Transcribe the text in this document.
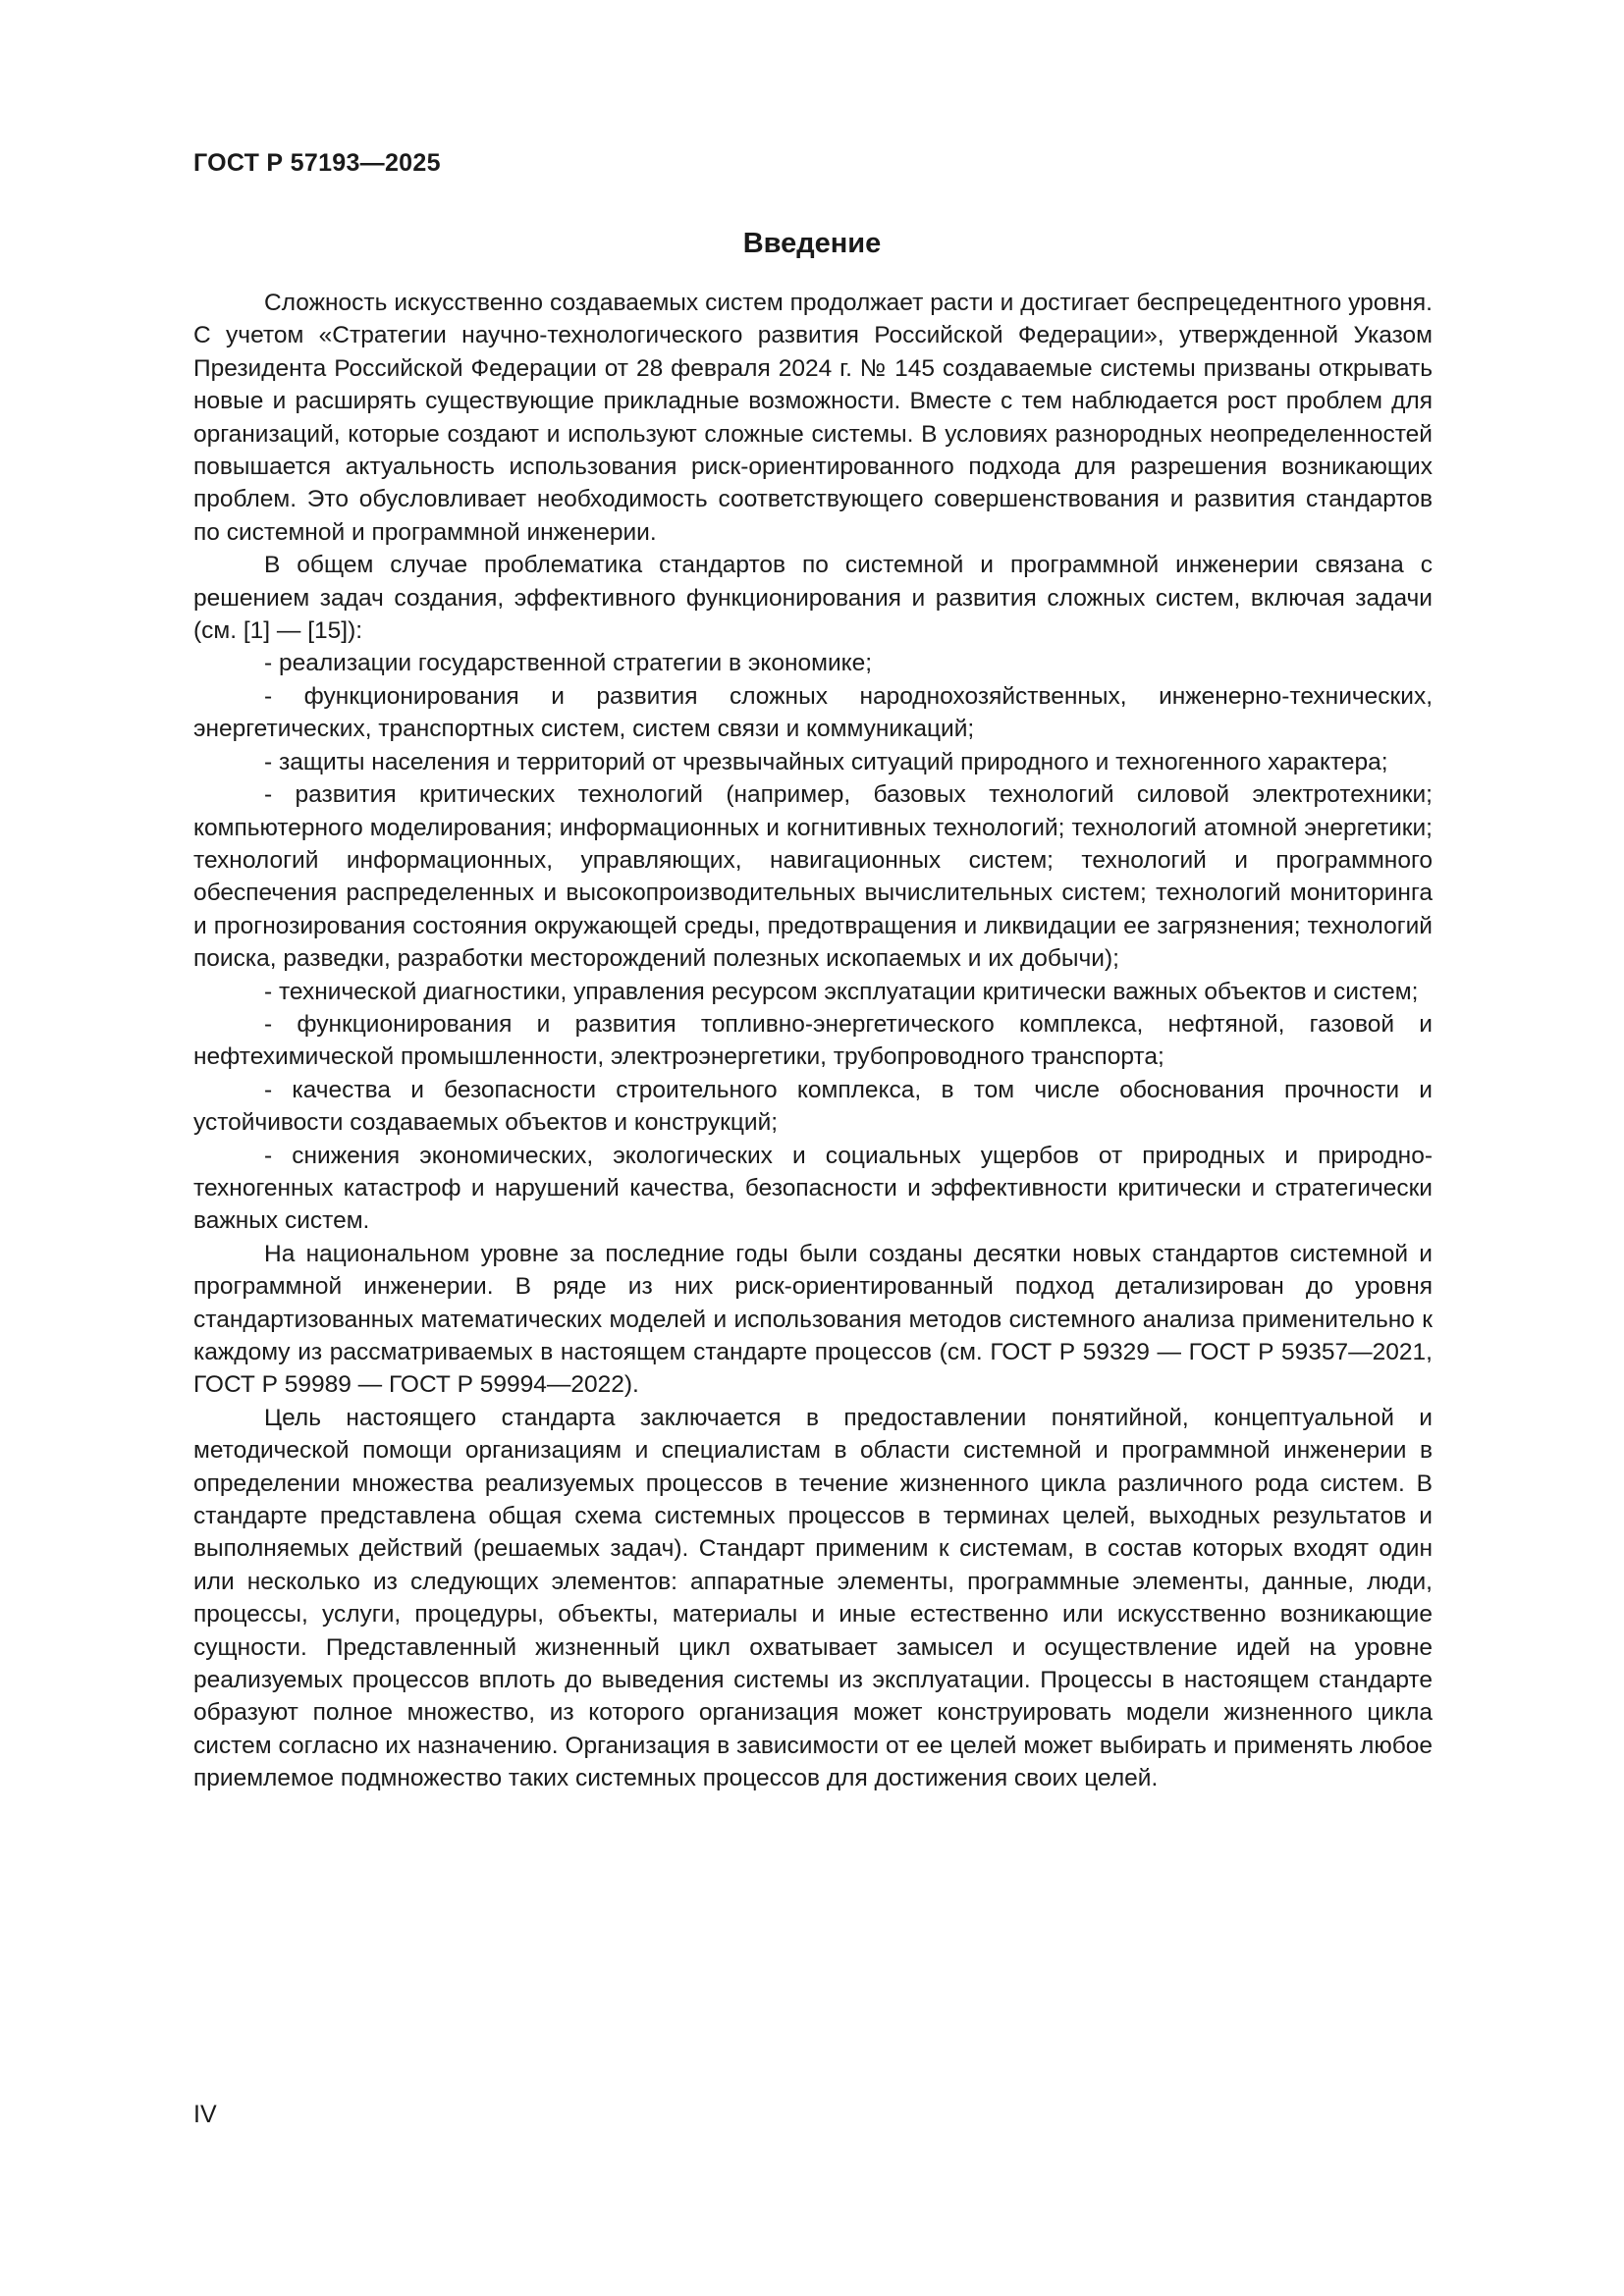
ГОСТ Р 57193—2025
Введение

Сложность искусственно создаваемых систем продолжает расти и достигает беспрецедентного уровня. С учетом «Стратегии научно-технологического развития Российской Федерации», утвержденной Указом Президента Российской Федерации от 28 февраля 2024 г. № 145 создаваемые системы призваны открывать новые и расширять существующие прикладные возможности. Вместе с тем наблюдается рост проблем для организаций, которые создают и используют сложные системы. В условиях разнородных неопределенностей повышается актуальность использования риск-ориентированного подхода для разрешения возникающих проблем. Это обусловливает необходимость соответствующего совершенствования и развития стандартов по системной и программной инженерии.

В общем случае проблематика стандартов по системной и программной инженерии связана с решением задач создания, эффективного функционирования и развития сложных систем, включая задачи (см. [1] — [15]):

- реализации государственной стратегии в экономике;

- функционирования и развития сложных народнохозяйственных, инженерно-технических, энергетических, транспортных систем, систем связи и коммуникаций;

- защиты населения и территорий от чрезвычайных ситуаций природного и техногенного характера;

- развития критических технологий (например, базовых технологий силовой электротехники; компьютерного моделирования; информационных и когнитивных технологий; технологий атомной энергетики; технологий информационных, управляющих, навигационных систем; технологий и программного обеспечения распределенных и высокопроизводительных вычислительных систем; технологий мониторинга и прогнозирования состояния окружающей среды, предотвращения и ликвидации ее загрязнения; технологий поиска, разведки, разработки месторождений полезных ископаемых и их добычи);

- технической диагностики, управления ресурсом эксплуатации критически важных объектов и систем;

- функционирования и развития топливно-энергетического комплекса, нефтяной, газовой и нефтехимической промышленности, электроэнергетики, трубопроводного транспорта;

- качества и безопасности строительного комплекса, в том числе обоснования прочности и устойчивости создаваемых объектов и конструкций;

- снижения экономических, экологических и социальных ущербов от природных и природно-техногенных катастроф и нарушений качества, безопасности и эффективности критически и стратегически важных систем.

На национальном уровне за последние годы были созданы десятки новых стандартов системной и программной инженерии. В ряде из них риск-ориентированный подход детализирован до уровня стандартизованных математических моделей и использования методов системного анализа применительно к каждому из рассматриваемых в настоящем стандарте процессов (см. ГОСТ Р 59329 — ГОСТ Р 59357—2021, ГОСТ Р 59989 — ГОСТ Р 59994—2022).

Цель настоящего стандарта заключается в предоставлении понятийной, концептуальной и методической помощи организациям и специалистам в области системной и программной инженерии в определении множества реализуемых процессов в течение жизненного цикла различного рода систем. В стандарте представлена общая схема системных процессов в терминах целей, выходных результатов и выполняемых действий (решаемых задач). Стандарт применим к системам, в состав которых входят один или несколько из следующих элементов: аппаратные элементы, программные элементы, данные, люди, процессы, услуги, процедуры, объекты, материалы и иные естественно или искусственно возникающие сущности. Представленный жизненный цикл охватывает замысел и осуществление идей на уровне реализуемых процессов вплоть до выведения системы из эксплуатации. Процессы в настоящем стандарте образуют полное множество, из которого организация может конструировать модели жизненного цикла систем согласно их назначению. Организация в зависимости от ее целей может выбирать и применять любое приемлемое подмножество таких системных процессов для достижения своих целей.

IV
